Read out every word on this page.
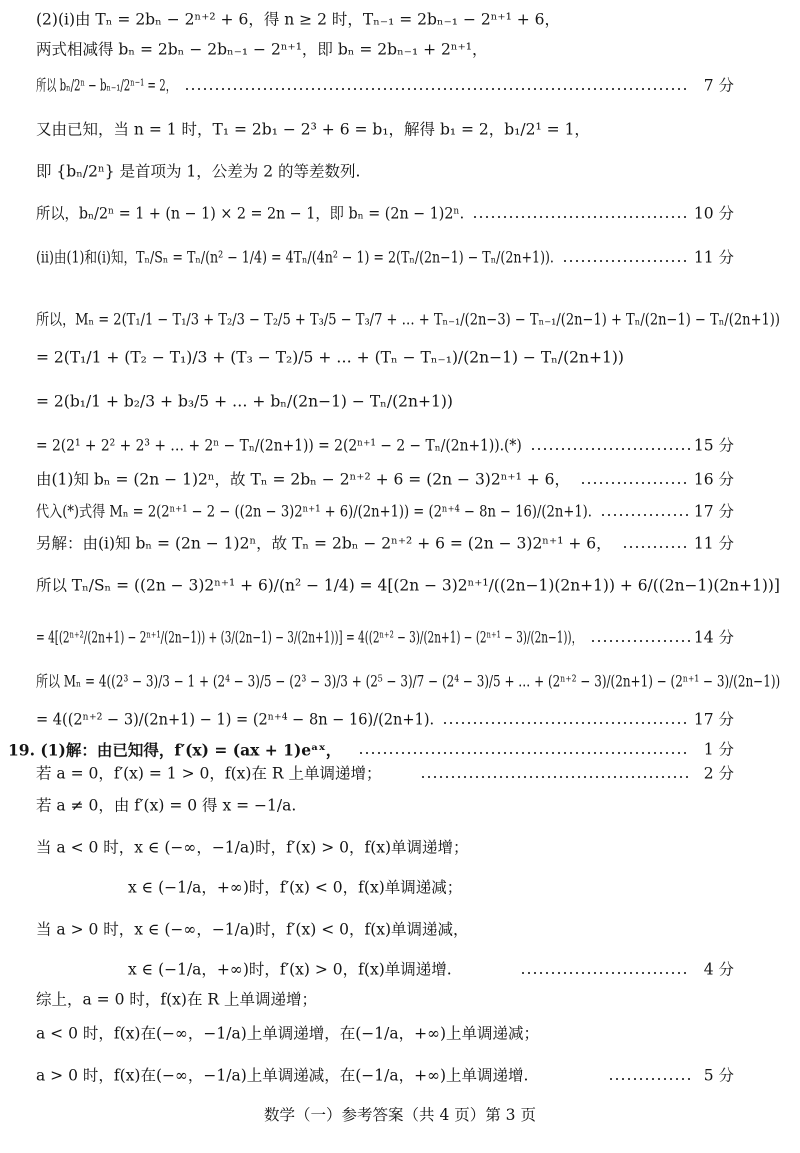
(2)(ⅰ)由 Tₙ = 2bₙ − 2ⁿ⁺² + 6，得 n ≥ 2 时，Tₙ₋₁ = 2bₙ₋₁ − 2ⁿ⁺¹ + 6，
两式相减得 bₙ = 2bₙ − 2bₙ₋₁ − 2ⁿ⁺¹，即 bₙ = 2bₙ₋₁ + 2ⁿ⁺¹，
所以 bₙ/2ⁿ − bₙ₋₁/2ⁿ⁻¹ = 2，	7 分
又由已知，当 n = 1 时，T₁ = 2b₁ − 2³ + 6 = b₁，解得 b₁ = 2，b₁/2¹ = 1，
即 {bₙ/2ⁿ} 是首项为 1，公差为 2 的等差数列.
所以，bₙ/2ⁿ = 1 + (n − 1) × 2 = 2n − 1，即 bₙ = (2n − 1)2ⁿ.	10 分
(ⅱ)由(1)和(ⅰ)知，Tₙ/Sₙ = Tₙ/(n² − 1/4) = 4Tₙ/(4n² − 1) = 2(Tₙ/(2n−1) − Tₙ/(2n+1)).	11 分
所以，Mₙ = 2(T₁/1 − T₁/3 + T₂/3 − T₂/5 + T₃/5 − T₃/7 + … + Tₙ₋₁/(2n−3) − Tₙ₋₁/(2n−1) + Tₙ/(2n−1) − Tₙ/(2n+1))
= 2(T₁/1 + (T₂ − T₁)/3 + (T₃ − T₂)/5 + … + (Tₙ − Tₙ₋₁)/(2n−1) − Tₙ/(2n+1))
= 2(b₁/1 + b₂/3 + b₃/5 + … + bₙ/(2n−1) − Tₙ/(2n+1))
= 2(2¹ + 2² + 2³ + … + 2ⁿ − Tₙ/(2n+1)) = 2(2ⁿ⁺¹ − 2 − Tₙ/(2n+1)).(*)	15 分
由(1)知 bₙ = (2n − 1)2ⁿ，故 Tₙ = 2bₙ − 2ⁿ⁺² + 6 = (2n − 3)2ⁿ⁺¹ + 6，	16 分
代入(*)式得 Mₙ = 2(2ⁿ⁺¹ − 2 − ((2n − 3)2ⁿ⁺¹ + 6)/(2n+1)) = (2ⁿ⁺⁴ − 8n − 16)/(2n+1).	17 分
另解：由(ⅰ)知 bₙ = (2n − 1)2ⁿ，故 Tₙ = 2bₙ − 2ⁿ⁺² + 6 = (2n − 3)2ⁿ⁺¹ + 6，	11 分
所以 Tₙ/Sₙ = ((2n − 3)2ⁿ⁺¹ + 6)/(n² − 1/4) = 4[(2n − 3)2ⁿ⁺¹/((2n−1)(2n+1)) + 6/((2n−1)(2n+1))]
= 4[(2ⁿ⁺²/(2n+1) − 2ⁿ⁺¹/(2n−1)) + (3/(2n−1) − 3/(2n+1))] = 4((2ⁿ⁺² − 3)/(2n+1) − (2ⁿ⁺¹ − 3)/(2n−1))，	14 分
所以 Mₙ = 4((2³ − 3)/3 − 1 + (2⁴ − 3)/5 − (2³ − 3)/3 + (2⁵ − 3)/7 − (2⁴ − 3)/5 + … + (2ⁿ⁺² − 3)/(2n+1) − (2ⁿ⁺¹ − 3)/(2n−1))
= 4((2ⁿ⁺² − 3)/(2n+1) − 1) = (2ⁿ⁺⁴ − 8n − 16)/(2n+1).	17 分
19. (1)解：由已知得，f′(x) = (ax + 1)eᵃˣ，	1 分
若 a = 0，f′(x) = 1 > 0，f(x)在 R 上单调递增；	2 分
若 a ≠ 0，由 f′(x) = 0 得 x = −1/a.
当 a < 0 时，x ∈ (−∞，−1/a)时，f′(x) > 0，f(x)单调递增；
x ∈ (−1/a，+∞)时，f′(x) < 0，f(x)单调递减；
当 a > 0 时，x ∈ (−∞，−1/a)时，f′(x) < 0，f(x)单调递减，
x ∈ (−1/a，+∞)时，f′(x) > 0，f(x)单调递增.	4 分
综上，a = 0 时，f(x)在 R 上单调递增；
a < 0 时，f(x)在(−∞，−1/a)上单调递增，在(−1/a，+∞)上单调递减；
a > 0 时，f(x)在(−∞，−1/a)上单调递减，在(−1/a，+∞)上单调递增.	5 分
数学（一）参考答案（共 4 页）第 3 页
